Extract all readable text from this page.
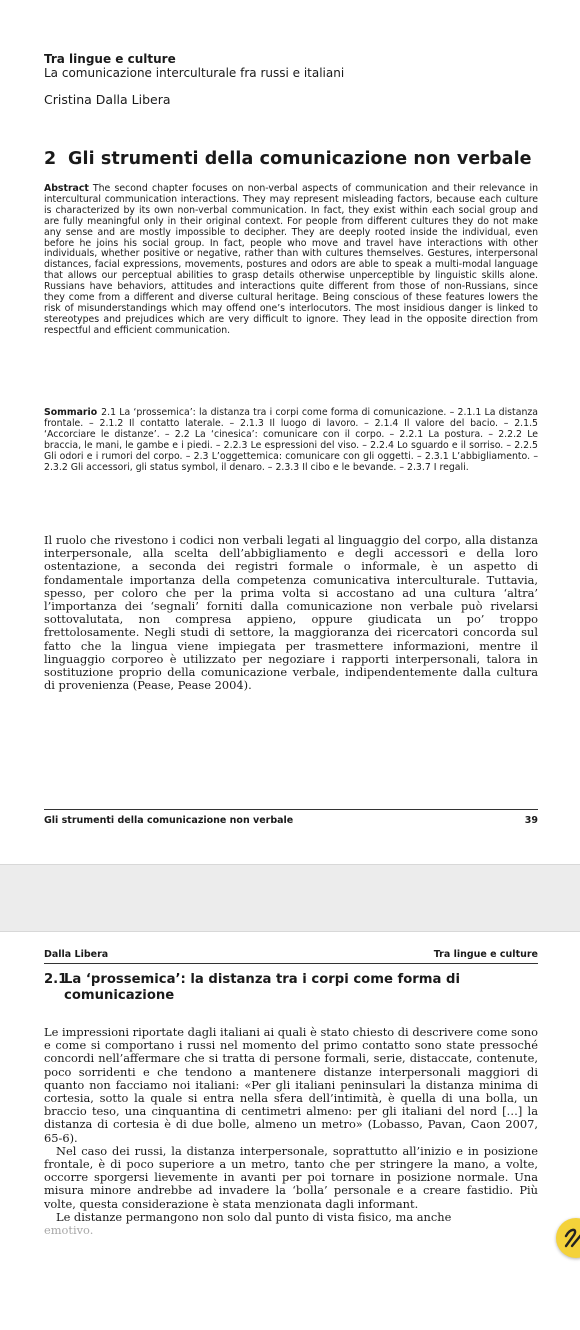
Tra lingue e culture
La comunicazione interculturale fra russi e italiani
Cristina Dalla Libera
2 Gli strumenti della comunicazione non verbale
Abstract The second chapter focuses on non-verbal aspects of communication and their relevance in intercultural communication interactions. They may represent misleading factors, because each culture is characterized by its own non-verbal communication. In fact, they exist within each social group and are fully meaningful only in their original context. For people from different cultures they do not make any sense and are mostly impossible to decipher. They are deeply rooted inside the individual, even before he joins his social group. In fact, people who move and travel have interactions with other individuals, whether positive or negative, rather than with cultures themselves. Gestures, interpersonal distances, facial expressions, movements, postures and odors are able to speak a multi-modal language that allows our perceptual abilities to grasp details otherwise unperceptible by linguistic skills alone. Russians have behaviors, attitudes and interactions quite different from those of non-Russians, since they come from a different and diverse cultural heritage. Being conscious of these features lowers the risk of misunderstandings which may offend one’s interlocutors. The most insidious danger is linked to stereotypes and prejudices which are very difficult to ignore. They lead in the opposite direction from respectful and efficient communication.
Sommario 2.1 La ‘prossemica’: la distanza tra i corpi come forma di comunicazione. – 2.1.1 La distanza frontale. – 2.1.2 Il contatto laterale. – 2.1.3 Il luogo di lavoro. – 2.1.4 Il valore del bacio. – 2.1.5 ‘Accorciare le distanze’. – 2.2 La ‘cinesica’: comunicare con il corpo. – 2.2.1 La postura. – 2.2.2 Le braccia, le mani, le gambe e i piedi. – 2.2.3 Le espressioni del viso. – 2.2.4 Lo sguardo e il sorriso. – 2.2.5 Gli odori e i rumori del corpo. – 2.3 L’oggettemica: comunicare con gli oggetti. – 2.3.1 L’abbigliamento. – 2.3.2 Gli accessori, gli status symbol, il denaro. – 2.3.3 Il cibo e le bevande. – 2.3.7 I regali.
Il ruolo che rivestono i codici non verbali legati al linguaggio del corpo, alla distanza interpersonale, alla scelta dell’abbigliamento e degli accessori e della loro ostentazione, a seconda dei registri formale o informale, è un aspetto di fondamentale importanza della competenza comunicativa interculturale. Tuttavia, spesso, per coloro che per la prima volta si accostano ad una cultura ‘altra’ l’importanza dei ‘segnali’ forniti dalla comunicazione non verbale può rivelarsi sottovalutata, non compresa appieno, oppure giudicata un po’ troppo frettolosamente. Negli studi di settore, la maggioranza dei ricercatori concorda sul fatto che la lingua viene impiegata per trasmettere informazioni, mentre il linguaggio corporeo è utilizzato per negoziare i rapporti interpersonali, talora in sostituzione proprio della comunicazione verbale, indipendentemente dalla cultura di provenienza (Pease, Pease 2004).
Gli strumenti della comunicazione non verbale	39
Dalla Libera	Tra lingue e culture
2.1La ‘prossemica’: la distanza tra i corpi come forma di comunicazione

Le impressioni riportate dagli italiani ai quali è stato chiesto di descrivere come sono e come si comportano i russi nel momento del primo contatto sono state pressoché concordi nell’affermare che si tratta di persone formali, serie, distaccate, contenute, poco sorridenti e che tendono a mantenere distanze interpersonali maggiori di quanto non facciamo noi italiani: «Per gli italiani peninsulari la distanza minima di cortesia, sotto la quale si entra nella sfera dell’intimità, è quella di una bolla, un braccio teso, una cinquantina di centimetri almeno: per gli italiani del nord […] la distanza di cortesia è di due bolle, almeno un metro» (Lobasso, Pavan, Caon 2007, 65-6).

Nel caso dei russi, la distanza interpersonale, soprattutto all’inizio e in posizione frontale, è di poco superiore a un metro, tanto che per stringere la mano, a volte, occorre sporgersi lievemente in avanti per poi tornare in posizione normale. Una misura minore andrebbe ad invadere la ‘bolla’ personale e a creare fastidio. Più volte, questa considerazione è stata menzionata dagli informant.

Le distanze permangono non solo dal punto di vista fisico, ma anche
emotivo.
